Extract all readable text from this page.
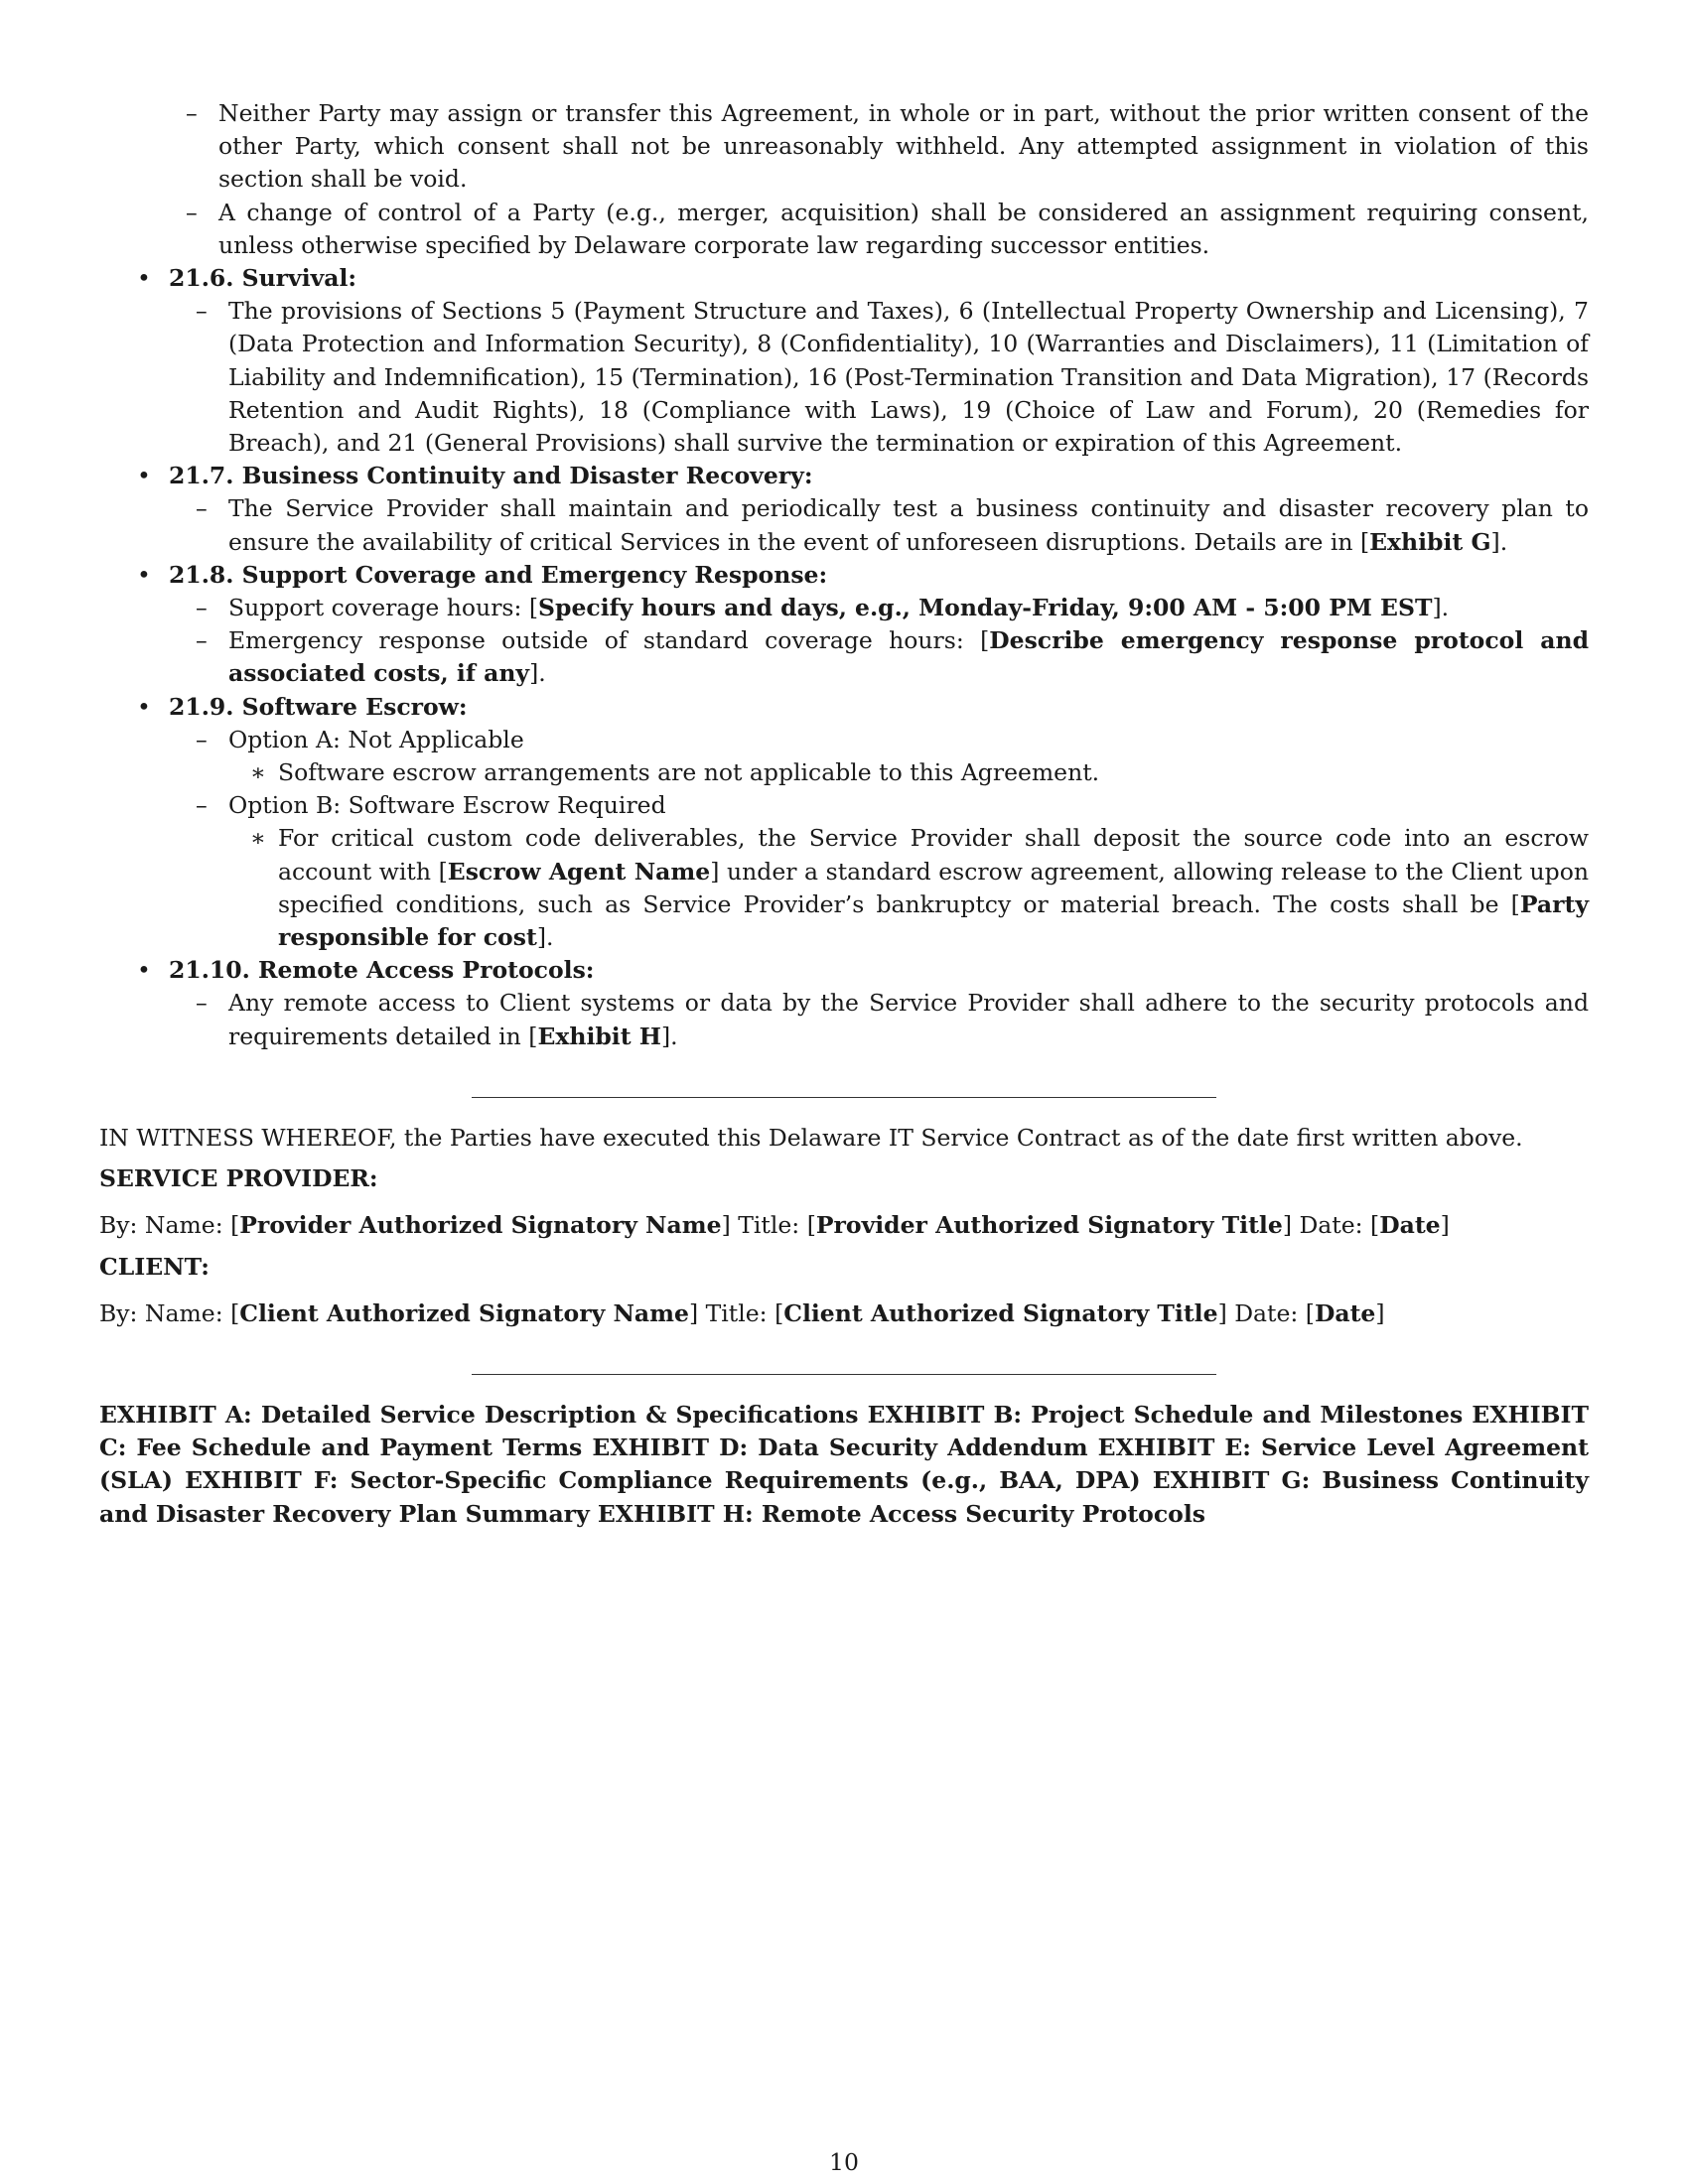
– Neither Party may assign or transfer this Agreement, in whole or in part, without the prior written consent of the other Party, which consent shall not be unreasonably withheld. Any attempted assignment in violation of this section shall be void.
– A change of control of a Party (e.g., merger, acquisition) shall be considered an assignment requiring consent, unless otherwise specified by Delaware corporate law regarding successor entities.
• 21.6. Survival:
– The provisions of Sections 5 (Payment Structure and Taxes), 6 (Intellectual Property Ownership and Licensing), 7 (Data Protection and Information Security), 8 (Confidentiality), 10 (Warranties and Disclaimers), 11 (Limitation of Liability and Indemnification), 15 (Termination), 16 (Post-Termination Transition and Data Migration), 17 (Records Retention and Audit Rights), 18 (Compliance with Laws), 19 (Choice of Law and Forum), 20 (Remedies for Breach), and 21 (General Provisions) shall survive the termination or expiration of this Agreement.
• 21.7. Business Continuity and Disaster Recovery:
– The Service Provider shall maintain and periodically test a business continuity and disaster recovery plan to ensure the availability of critical Services in the event of unforeseen disruptions. Details are in [Exhibit G].
• 21.8. Support Coverage and Emergency Response:
– Support coverage hours: [Specify hours and days, e.g., Monday-Friday, 9:00 AM - 5:00 PM EST].
– Emergency response outside of standard coverage hours: [Describe emergency response protocol and associated costs, if any].
• 21.9. Software Escrow:
– Option A: Not Applicable
∗ Software escrow arrangements are not applicable to this Agreement.
– Option B: Software Escrow Required
∗ For critical custom code deliverables, the Service Provider shall deposit the source code into an escrow account with [Escrow Agent Name] under a standard escrow agreement, allowing release to the Client upon specified conditions, such as Service Provider’s bankruptcy or material breach. The costs shall be [Party responsible for cost].
• 21.10. Remote Access Protocols:
– Any remote access to Client systems or data by the Service Provider shall adhere to the security protocols and requirements detailed in [Exhibit H].

IN WITNESS WHEREOF, the Parties have executed this Delaware IT Service Contract as of the date first written above.

SERVICE PROVIDER:

By: Name: [Provider Authorized Signatory Name] Title: [Provider Authorized Signatory Title] Date: [Date]

CLIENT:

By: Name: [Client Authorized Signatory Name] Title: [Client Authorized Signatory Title] Date: [Date]

EXHIBIT A: Detailed Service Description & Specifications EXHIBIT B: Project Schedule and Milestones EXHIBIT C: Fee Schedule and Payment Terms EXHIBIT D: Data Security Addendum EXHIBIT E: Service Level Agreement (SLA) EXHIBIT F: Sector-Specific Compliance Requirements (e.g., BAA, DPA) EXHIBIT G: Business Continuity and Disaster Recovery Plan Summary EXHIBIT H: Remote Access Security Protocols

10
